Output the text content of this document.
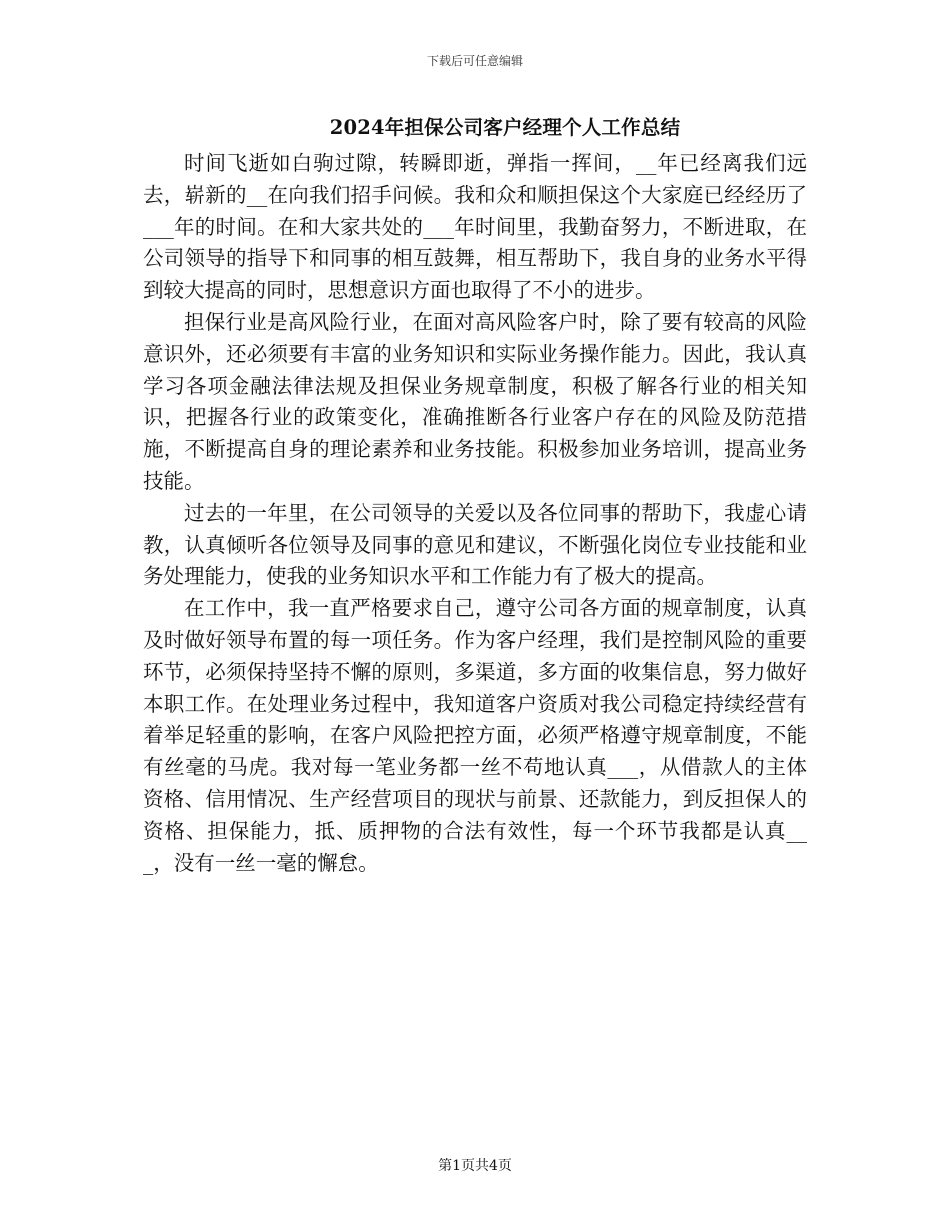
下载后可任意编辑
2024年担保公司客户经理个人工作总结

时间飞逝如白驹过隙，转瞬即逝，弹指一挥间，__年已经离我们远去，崭新的__在向我们招手问候。我和众和顺担保这个大家庭已经经历了___年的时间。在和大家共处的___年时间里，我勤奋努力，不断进取，在公司领导的指导下和同事的相互鼓舞，相互帮助下，我自身的业务水平得到较大提高的同时，思想意识方面也取得了不小的进步。

担保行业是高风险行业，在面对高风险客户时，除了要有较高的风险意识外，还必须要有丰富的业务知识和实际业务操作能力。因此，我认真学习各项金融法律法规及担保业务规章制度，积极了解各行业的相关知识，把握各行业的政策变化，准确推断各行业客户存在的风险及防范措施，不断提高自身的理论素养和业务技能。积极参加业务培训，提高业务技能。

过去的一年里，在公司领导的关爱以及各位同事的帮助下，我虚心请教，认真倾听各位领导及同事的意见和建议，不断强化岗位专业技能和业务处理能力，使我的业务知识水平和工作能力有了极大的提高。

在工作中，我一直严格要求自己，遵守公司各方面的规章制度，认真及时做好领导布置的每一项任务。作为客户经理，我们是控制风险的重要环节，必须保持坚持不懈的原则，多渠道，多方面的收集信息，努力做好本职工作。在处理业务过程中，我知道客户资质对我公司稳定持续经营有着举足轻重的影响，在客户风险把控方面，必须严格遵守规章制度，不能有丝毫的马虎。我对每一笔业务都一丝不苟地认真___，从借款人的主体资格、信用情况、生产经营项目的现状与前景、还款能力，到反担保人的资格、担保能力，抵、质押物的合法有效性，每一个环节我都是认真___，没有一丝一毫的懈怠。

第1页共4页
